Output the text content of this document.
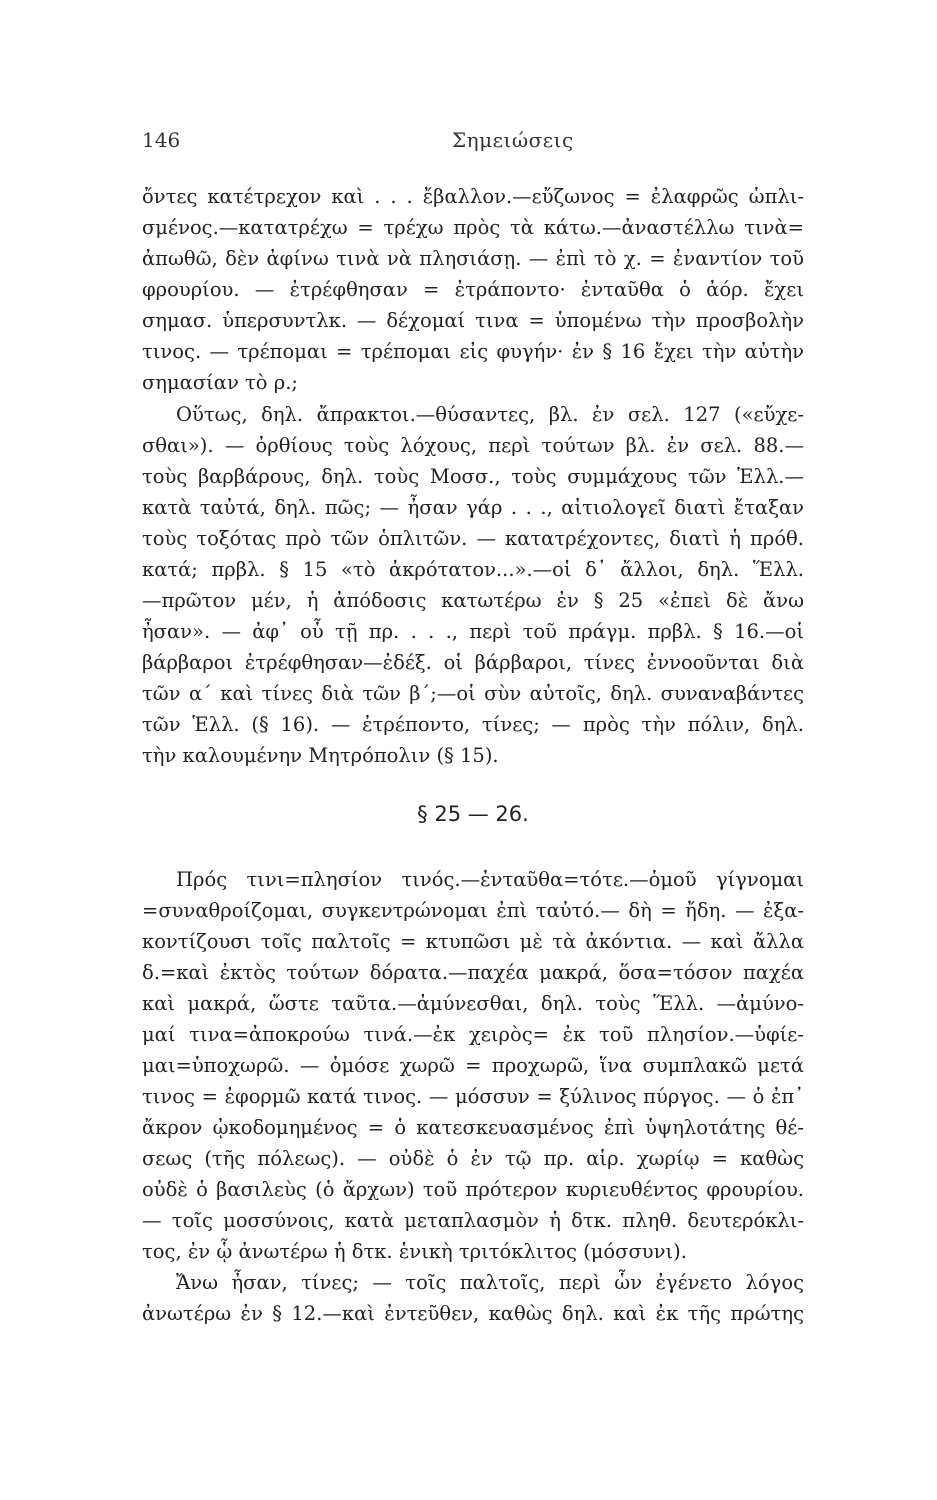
146	Σημειώσεις
ὄντες κατέτρεχον καὶ . . . ἔβαλλον.—εὔζωνος = ἐλαφρῶς ὡπλι-
σμένος.—κατατρέχω = τρέχω πρὸς τὰ κάτω.—ἀναστέλλω τινὰ=
ἀπωθῶ, δὲν ἀφίνω τινὰ νὰ πλησιάσῃ. — ἐπὶ τὸ χ. = ἐναντίον τοῦ
φρουρίου. — ἐτρέφθησαν = ἐτράποντο· ἐνταῦθα ὁ ἀόρ. ἔχει
σημασ. ὑπερσυντλκ. — δέχομαί τινα = ὑπομένω τὴν προσβολὴν
τινος. — τρέπομαι = τρέπομαι εἰς φυγήν· ἐν § 16 ἔχει τὴν αὐτὴν
σημασίαν τὸ ρ.;
Οὕτως, δηλ. ἄπρακτοι.—θύσαντες, βλ. ἐν σελ. 127 («εὔχε-
σθαι»). — ὀρθίους τοὺς λόχους, περὶ τούτων βλ. ἐν σελ. 88.—
τοὺς βαρβάρους, δηλ. τοὺς Μοσσ., τοὺς συμμάχους τῶν Ἑλλ.—
κατὰ ταὐτά, δηλ. πῶς; — ἦσαν γάρ . . ., αἰτιολογεῖ διατὶ ἔταξαν
τοὺς τοξότας πρὸ τῶν ὁπλιτῶν. — κατατρέχοντες, διατὶ ἡ πρόθ.
κατά; πρβλ. § 15 «τὸ ἀκρότατον...».—οἱ δ᾽ ἄλλοι, δηλ. Ἕλλ.
—πρῶτον μέν, ἡ ἀπόδοσις κατωτέρω ἐν § 25 «ἐπεὶ δὲ ἄνω
ἦσαν». — ἀφ᾽ οὗ τῇ πρ. . . ., περὶ τοῦ πράγμ. πρβλ. § 16.—οἱ
βάρβαροι ἐτρέφθησαν—ἐδέξ. οἱ βάρβαροι, τίνες ἐννοοῦνται διὰ
τῶν α΄ καὶ τίνες διὰ τῶν β΄;—οἱ σὺν αὐτοῖς, δηλ. συναναβάντες
τῶν Ἑλλ. (§ 16). — ἐτρέποντο, τίνες; — πρὸς τὴν πόλιν, δηλ.
τὴν καλουμένην Μητρόπολιν (§ 15).
§ 25 — 26.
Πρός τινι=πλησίον τινός.—ἐνταῦθα=τότε.—ὁμοῦ γίγνομαι
=συναθροίζομαι, συγκεντρώνομαι ἐπὶ ταὐτό.— δὴ = ἤδη. — ἐξα-
κοντίζουσι τοῖς παλτοῖς = κτυπῶσι μὲ τὰ ἀκόντια. — καὶ ἄλλα
δ.=καὶ ἐκτὸς τούτων δόρατα.—παχέα μακρά, ὅσα=τόσον παχέα
καὶ μακρά, ὥστε ταῦτα.—ἀμύνεσθαι, δηλ. τοὺς Ἕλλ. —ἀμύνο-
μαί τινα=ἀποκρούω τινά.—ἐκ χειρὸς= ἐκ τοῦ πλησίον.—ὑφίε-
μαι=ὑποχωρῶ. — ὁμόσε χωρῶ = προχωρῶ, ἵνα συμπλακῶ μετά
τινος = ἐφορμῶ κατά τινος. — μόσσυν = ξύλινος πύργος. — ὁ ἐπ᾽
ἄκρον ᾠκοδομημένος = ὁ κατεσκευασμένος ἐπὶ ὑψηλοτάτης θέ-
σεως (τῆς πόλεως). — οὐδὲ ὁ ἐν τῷ πρ. αἱρ. χωρίῳ = καθὼς
οὐδὲ ὁ βασιλεὺς (ὁ ἄρχων) τοῦ πρότερον κυριευθέντος φρουρίου.
— τοῖς μοσσύνοις, κατὰ μεταπλασμὸν ἡ δτκ. πληθ. δευτερόκλι-
τος, ἐν ᾧ ἀνωτέρω ἡ δτκ. ἑνικὴ τριτόκλιτος (μόσσυνι).
Ἄνω ἦσαν, τίνες; — τοῖς παλτοῖς, περὶ ὧν ἐγένετο λόγος
ἀνωτέρω ἐν § 12.—καὶ ἐντεῦθεν, καθὼς δηλ. καὶ ἐκ τῆς πρώτης
